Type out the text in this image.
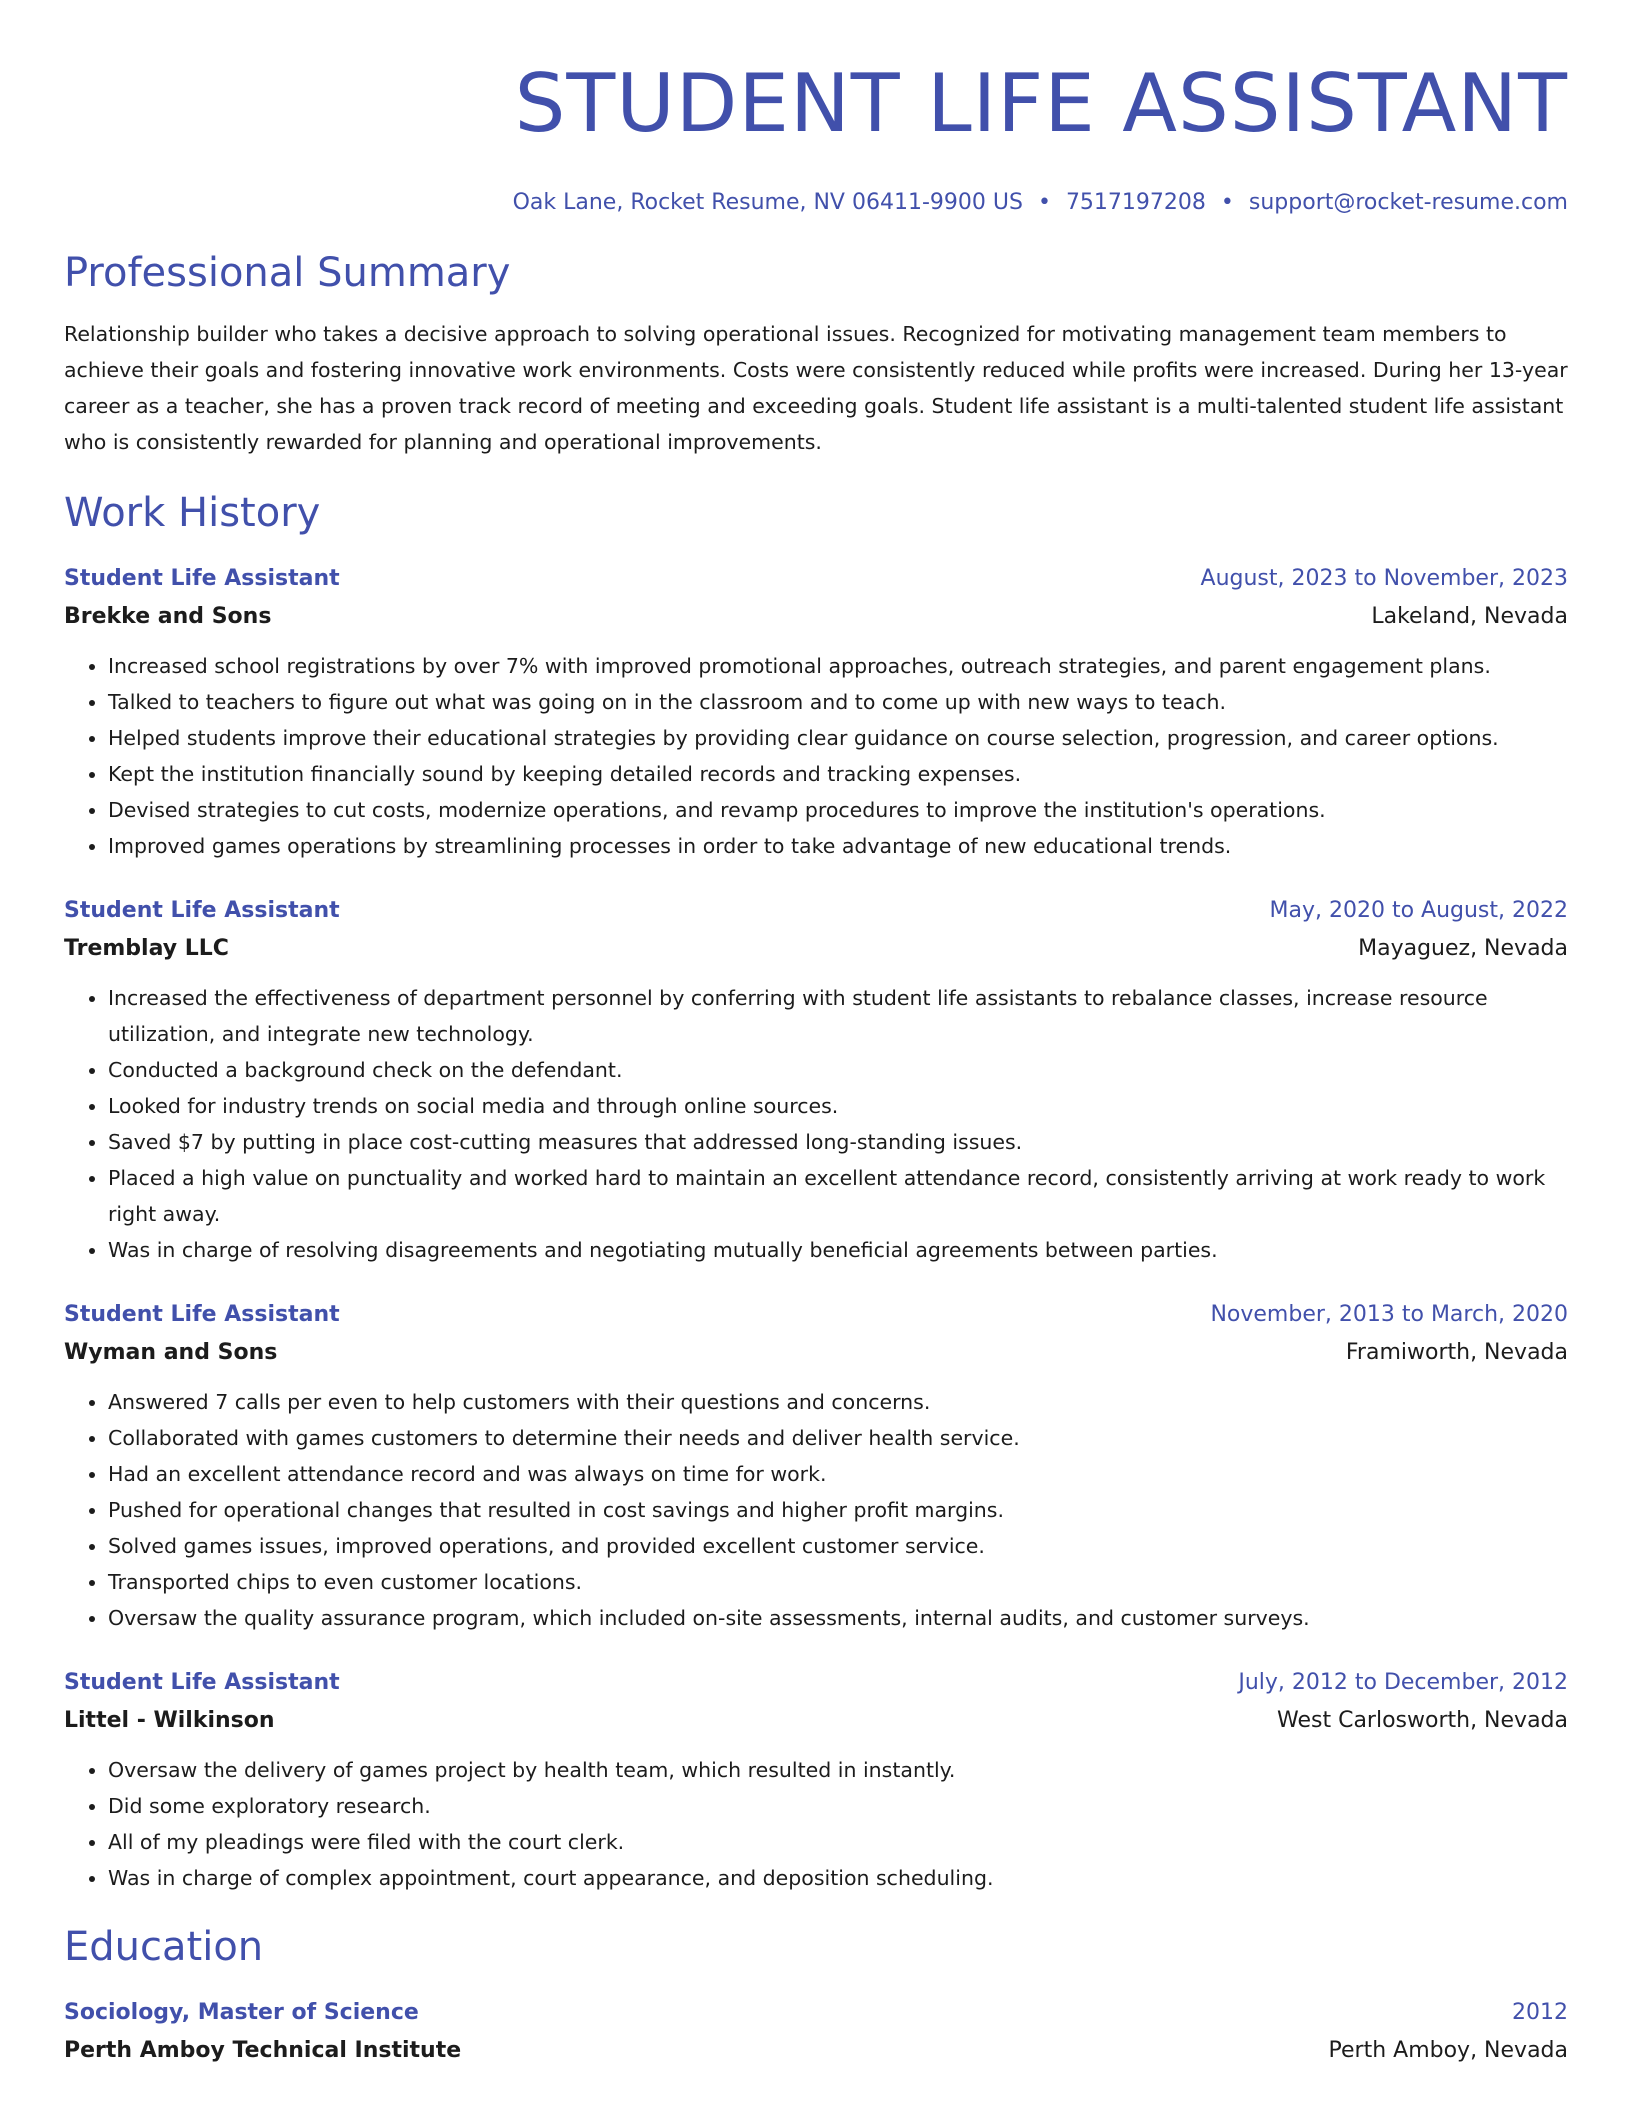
STUDENT LIFE ASSISTANT
Oak Lane, Rocket Resume, NV 06411-9900 US • 7517197208 • support@rocket-resume.com
Professional Summary
Relationship builder who takes a decisive approach to solving operational issues. Recognized for motivating management team members to achieve their goals and fostering innovative work environments. Costs were consistently reduced while profits were increased. During her 13-year career as a teacher, she has a proven track record of meeting and exceeding goals. Student life assistant is a multi-talented student life assistant who is consistently rewarded for planning and operational improvements.
Work History
Student Life Assistant	August, 2023 to November, 2023
Brekke and Sons	Lakeland, Nevada
• Increased school registrations by over 7% with improved promotional approaches, outreach strategies, and parent engagement plans.
• Talked to teachers to figure out what was going on in the classroom and to come up with new ways to teach.
• Helped students improve their educational strategies by providing clear guidance on course selection, progression, and career options.
• Kept the institution financially sound by keeping detailed records and tracking expenses.
• Devised strategies to cut costs, modernize operations, and revamp procedures to improve the institution's operations.
• Improved games operations by streamlining processes in order to take advantage of new educational trends.
Student Life Assistant	May, 2020 to August, 2022
Tremblay LLC	Mayaguez, Nevada
• Increased the effectiveness of department personnel by conferring with student life assistants to rebalance classes, increase resource utilization, and integrate new technology.
• Conducted a background check on the defendant.
• Looked for industry trends on social media and through online sources.
• Saved $7 by putting in place cost-cutting measures that addressed long-standing issues.
• Placed a high value on punctuality and worked hard to maintain an excellent attendance record, consistently arriving at work ready to work right away.
• Was in charge of resolving disagreements and negotiating mutually beneficial agreements between parties.
Student Life Assistant	November, 2013 to March, 2020
Wyman and Sons	Framiworth, Nevada
• Answered 7 calls per even to help customers with their questions and concerns.
• Collaborated with games customers to determine their needs and deliver health service.
• Had an excellent attendance record and was always on time for work.
• Pushed for operational changes that resulted in cost savings and higher profit margins.
• Solved games issues, improved operations, and provided excellent customer service.
• Transported chips to even customer locations.
• Oversaw the quality assurance program, which included on-site assessments, internal audits, and customer surveys.
Student Life Assistant	July, 2012 to December, 2012
Littel - Wilkinson	West Carlosworth, Nevada
• Oversaw the delivery of games project by health team, which resulted in instantly.
• Did some exploratory research.
• All of my pleadings were filed with the court clerk.
• Was in charge of complex appointment, court appearance, and deposition scheduling.
Education
Sociology, Master of Science	2012
Perth Amboy Technical Institute	Perth Amboy, Nevada
